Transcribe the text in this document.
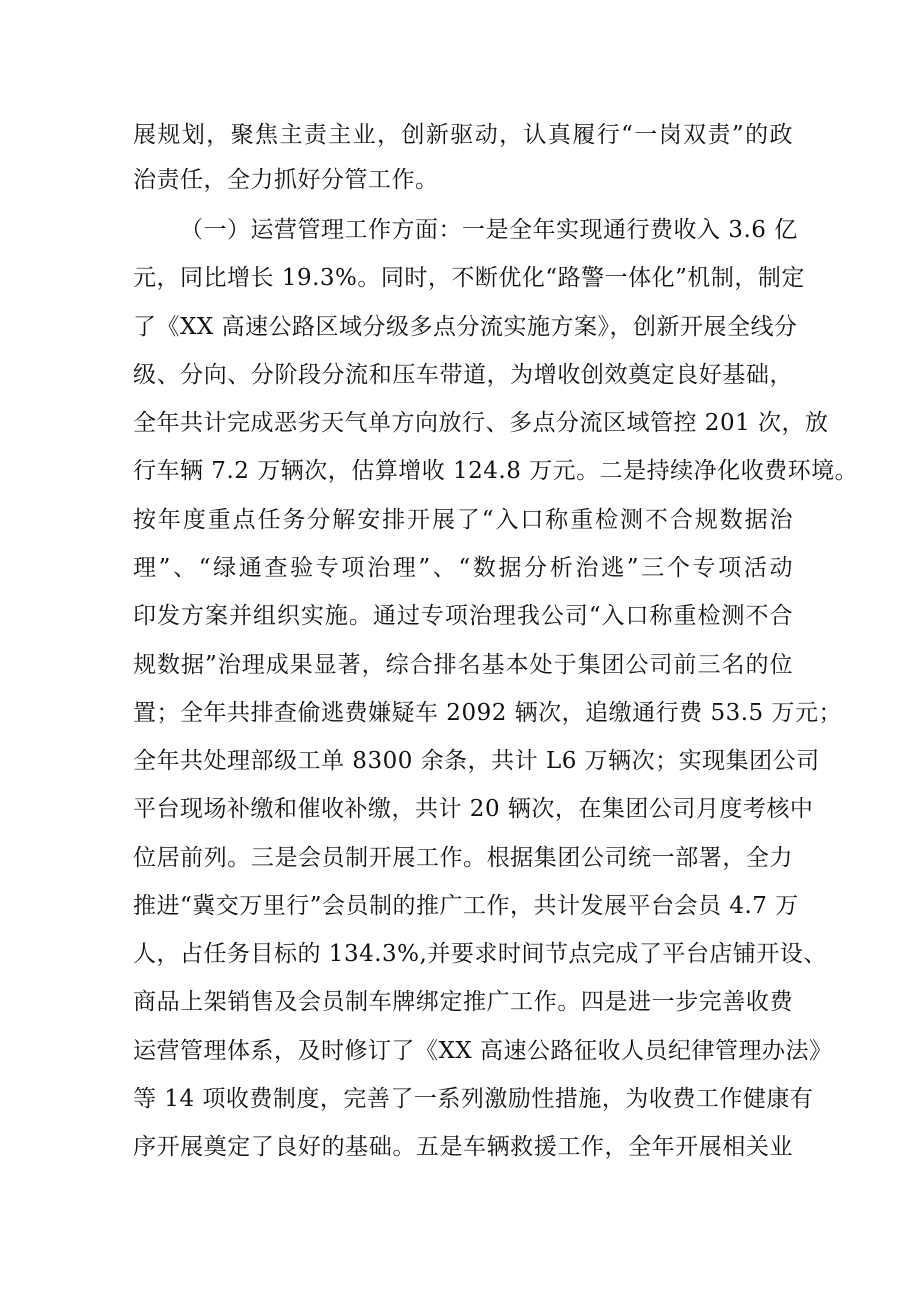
展规划，聚焦主责主业，创新驱动，认真履行“一岗双责”的政
治责任，全力抓好分管工作。
（一）运营管理工作方面：一是全年实现通行费收入 3.6 亿
元，同比增长 19.3%。同时，不断优化“路警一体化”机制，制定
了《XX 高速公路区域分级多点分流实施方案》，创新开展全线分
级、分向、分阶段分流和压车带道，为增收创效奠定良好基础，
全年共计完成恶劣天气单方向放行、多点分流区域管控 201 次，放
行车辆 7.2 万辆次，估算增收 124.8 万元。二是持续净化收费环境。
按年度重点任务分解安排开展了“入口称重检测不合规数据治
理”、“绿通查验专项治理”、“数据分析治逃”三个专项活动
印发方案并组织实施。通过专项治理我公司“入口称重检测不合
规数据”治理成果显著，综合排名基本处于集团公司前三名的位
置；全年共排查偷逃费嫌疑车 2092 辆次，追缴通行费 53.5 万元；
全年共处理部级工单 8300 余条，共计 L6 万辆次；实现集团公司
平台现场补缴和催收补缴，共计 20 辆次，在集团公司月度考核中
位居前列。三是会员制开展工作。根据集团公司统一部署，全力
推进“冀交万里行”会员制的推广工作，共计发展平台会员 4.7 万
人，占任务目标的 134.3%,并要求时间节点完成了平台店铺开设、
商品上架销售及会员制车牌绑定推广工作。四是进一步完善收费
运营管理体系，及时修订了《XX 高速公路征收人员纪律管理办法》
等 14 项收费制度，完善了一系列激励性措施，为收费工作健康有
序开展奠定了良好的基础。五是车辆救援工作，全年开展相关业
